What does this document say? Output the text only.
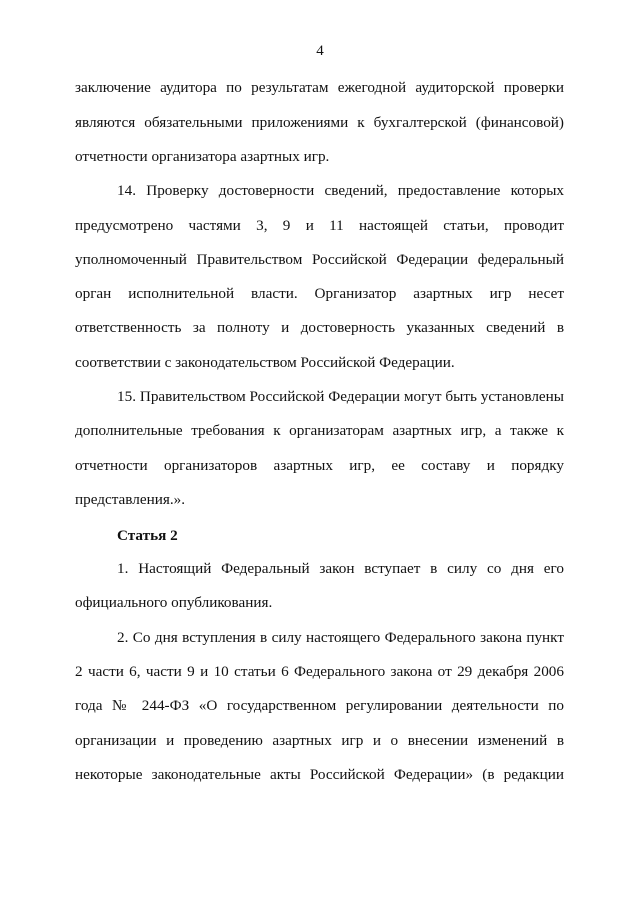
4
заключение аудитора по результатам ежегодной аудиторской проверки
являются обязательными приложениями к бухгалтерской (финансовой)
отчетности организатора азартных игр.
14. Проверку достоверности сведений, предоставление которых
предусмотрено частями 3, 9 и 11 настоящей статьи, проводит
уполномоченный Правительством Российской Федерации федеральный
орган исполнительной власти. Организатор азартных игр несет
ответственность за полноту и достоверность указанных сведений в
соответствии с законодательством Российской Федерации.
15. Правительством Российской Федерации могут быть установлены
дополнительные требования к организаторам азартных игр, а также к
отчетности организаторов азартных игр, ее составу и порядку
представления.».
Статья 2
1. Настоящий Федеральный закон вступает в силу со дня его
официального опубликования.
2. Со дня вступления в силу настоящего Федерального закона пункт
2 части 6, части 9 и 10 статьи 6 Федерального закона от 29 декабря 2006
года № 244-ФЗ «О государственном регулировании деятельности по
организации и проведению азартных игр и о внесении изменений в
некоторые законодательные акты Российской Федерации» (в редакции
